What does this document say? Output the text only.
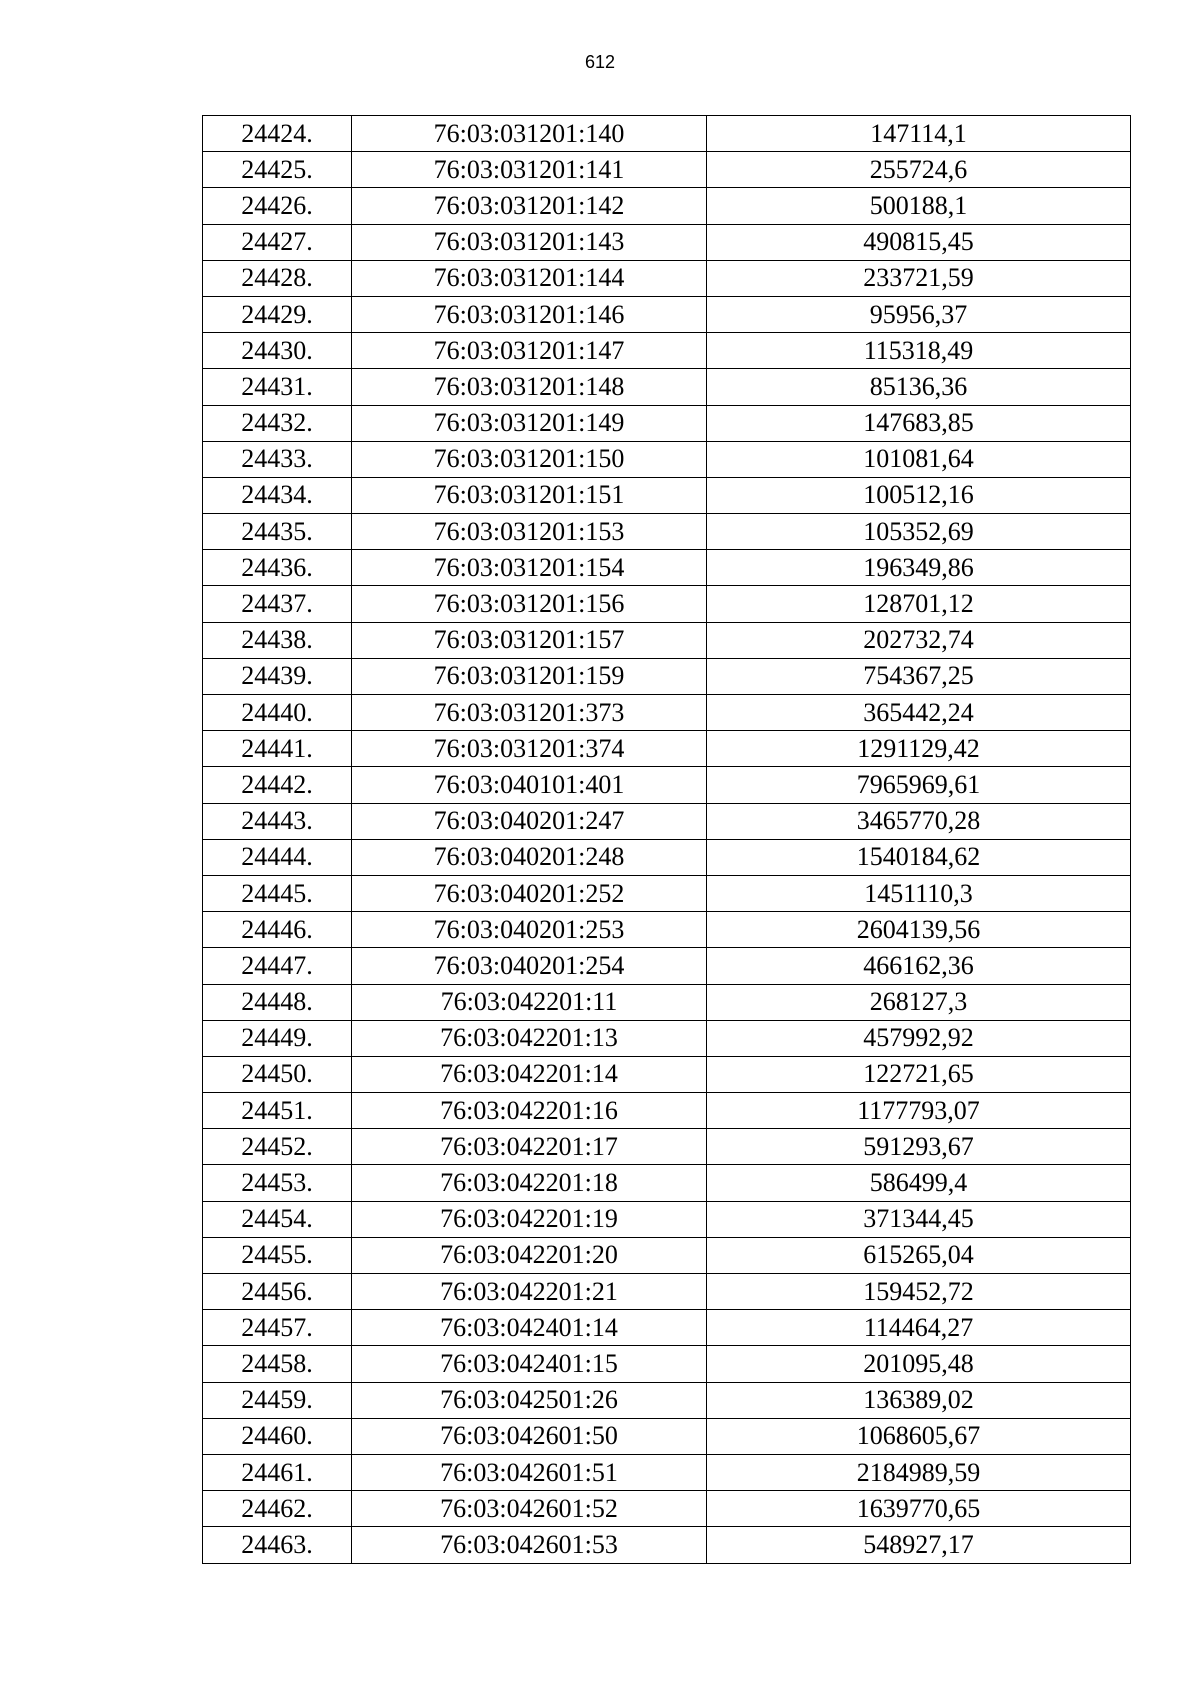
612
24424.	76:03:031201:140	147114,1
24425.	76:03:031201:141	255724,6
24426.	76:03:031201:142	500188,1
24427.	76:03:031201:143	490815,45
24428.	76:03:031201:144	233721,59
24429.	76:03:031201:146	95956,37
24430.	76:03:031201:147	115318,49
24431.	76:03:031201:148	85136,36
24432.	76:03:031201:149	147683,85
24433.	76:03:031201:150	101081,64
24434.	76:03:031201:151	100512,16
24435.	76:03:031201:153	105352,69
24436.	76:03:031201:154	196349,86
24437.	76:03:031201:156	128701,12
24438.	76:03:031201:157	202732,74
24439.	76:03:031201:159	754367,25
24440.	76:03:031201:373	365442,24
24441.	76:03:031201:374	1291129,42
24442.	76:03:040101:401	7965969,61
24443.	76:03:040201:247	3465770,28
24444.	76:03:040201:248	1540184,62
24445.	76:03:040201:252	1451110,3
24446.	76:03:040201:253	2604139,56
24447.	76:03:040201:254	466162,36
24448.	76:03:042201:11	268127,3
24449.	76:03:042201:13	457992,92
24450.	76:03:042201:14	122721,65
24451.	76:03:042201:16	1177793,07
24452.	76:03:042201:17	591293,67
24453.	76:03:042201:18	586499,4
24454.	76:03:042201:19	371344,45
24455.	76:03:042201:20	615265,04
24456.	76:03:042201:21	159452,72
24457.	76:03:042401:14	114464,27
24458.	76:03:042401:15	201095,48
24459.	76:03:042501:26	136389,02
24460.	76:03:042601:50	1068605,67
24461.	76:03:042601:51	2184989,59
24462.	76:03:042601:52	1639770,65
24463.	76:03:042601:53	548927,17
